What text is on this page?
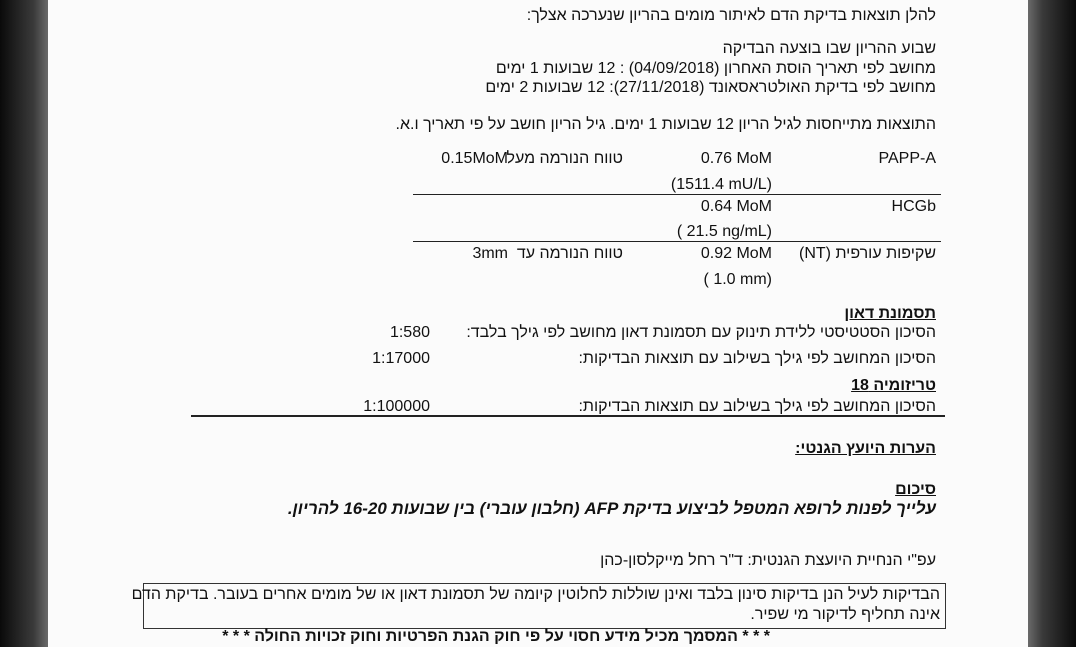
להלן תוצאות בדיקת הדם לאיתור מומים בהריון שנערכה אצלך:
שבוע ההריון שבו בוצעה הבדיקה
מחושב לפי תאריך הוסת האחרון (04/09/2018) : 12 שבועות 1 ימים
מחושב לפי בדיקת האולטראסאונד (27/11/2018): 12 שבועות 2 ימים
התוצאות מתייחסות לגיל הריון 12 שבועות 1 ימים. גיל הריון חושב על פי תאריך ו.א.
PAPP-A
0.76 MoM
(1511.4 mU/L)
טווח הנורמה מעל
0.15MoM
HCGb
0.64 MoM
( 21.5 ng/mL)
שקיפות עורפית (NT)
0.92 MoM
( 1.0 mm)
טווח הנורמה עד
3mm
תסמונת דאון
הסיכון הסטטיסטי ללידת תינוק עם תסמונת דאון מחושב לפי גילך בלבד:
1:580
הסיכון המחושב לפי גילך בשילוב עם תוצאות הבדיקות:
1:17000
טריזומיה 18
הסיכון המחושב לפי גילך בשילוב עם תוצאות הבדיקות:
1:100000
הערות היועץ הגנטי:
סיכום
עלייך לפנות לרופא המטפל לביצוע בדיקת AFP (חלבון עוברי) בין שבועות 16-20 להריון.
עפ"י הנחיית היועצת הגנטית: ד"ר רחל מייקלסון-כהן
הבדיקות לעיל הנן בדיקות סינון בלבד ואינן שוללות לחלוטין קיומה של תסמונת דאון או של מומים אחרים בעובר. בדיקת הדם
אינה תחליף לדיקור מי שפיר.
* * * המסמך מכיל מידע חסוי על פי חוק הגנת הפרטיות וחוק זכויות החולה * * *
